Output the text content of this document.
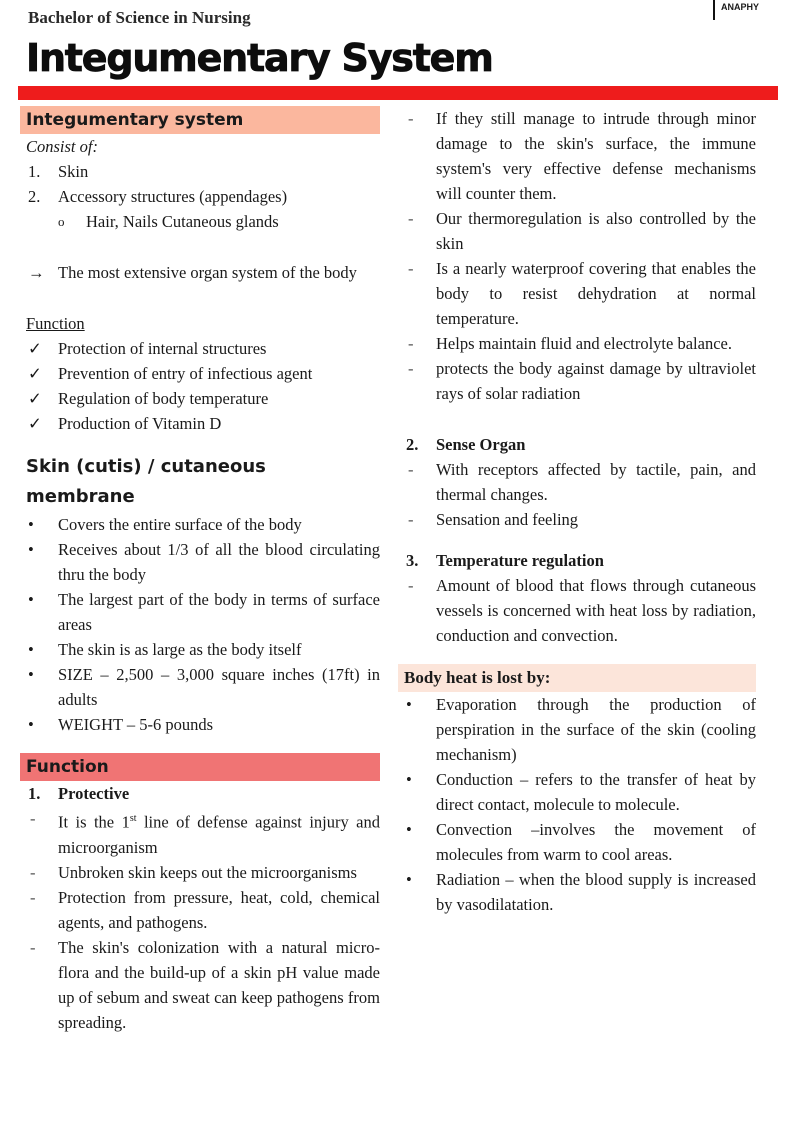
Bachelor of Science in Nursing
ANAPHY
Integumentary System
Integumentary system
Consist of:
1. Skin
2. Accessory structures (appendages)
o Hair, Nails Cutaneous glands
→ The most extensive organ system of the body
Function
✓ Protection of internal structures
✓ Prevention of entry of infectious agent
✓ Regulation of body temperature
✓ Production of Vitamin D
Skin (cutis) / cutaneous
membrane
• Covers the entire surface of the body
• Receives about 1/3 of all the blood circulating thru the body
• The largest part of the body in terms of surface areas
• The skin is as large as the body itself
• SIZE – 2,500 – 3,000 square inches (17ft) in adults
• WEIGHT – 5-6 pounds
Function
1. Protective
- It is the 1st line of defense against injury and microorganism
- Unbroken skin keeps out the microorganisms
- Protection from pressure, heat, cold, chemical agents, and pathogens.
- The skin's colonization with a natural micro-flora and the build-up of a skin pH value made up of sebum and sweat can keep pathogens from spreading.
- If they still manage to intrude through minor damage to the skin's surface, the immune system's very effective defense mechanisms will counter them.
- Our thermoregulation is also controlled by the skin
- Is a nearly waterproof covering that enables the body to resist dehydration at normal temperature.
- Helps maintain fluid and electrolyte balance.
- protects the body against damage by ultraviolet rays of solar radiation
2. Sense Organ
- With receptors affected by tactile, pain, and thermal changes.
- Sensation and feeling
3. Temperature regulation
- Amount of blood that flows through cutaneous vessels is concerned with heat loss by radiation, conduction and convection.
Body heat is lost by:
• Evaporation through the production of perspiration in the surface of the skin (cooling mechanism)
• Conduction – refers to the transfer of heat by direct contact, molecule to molecule.
• Convection –involves the movement of molecules from warm to cool areas.
• Radiation – when the blood supply is increased by vasodilatation.
